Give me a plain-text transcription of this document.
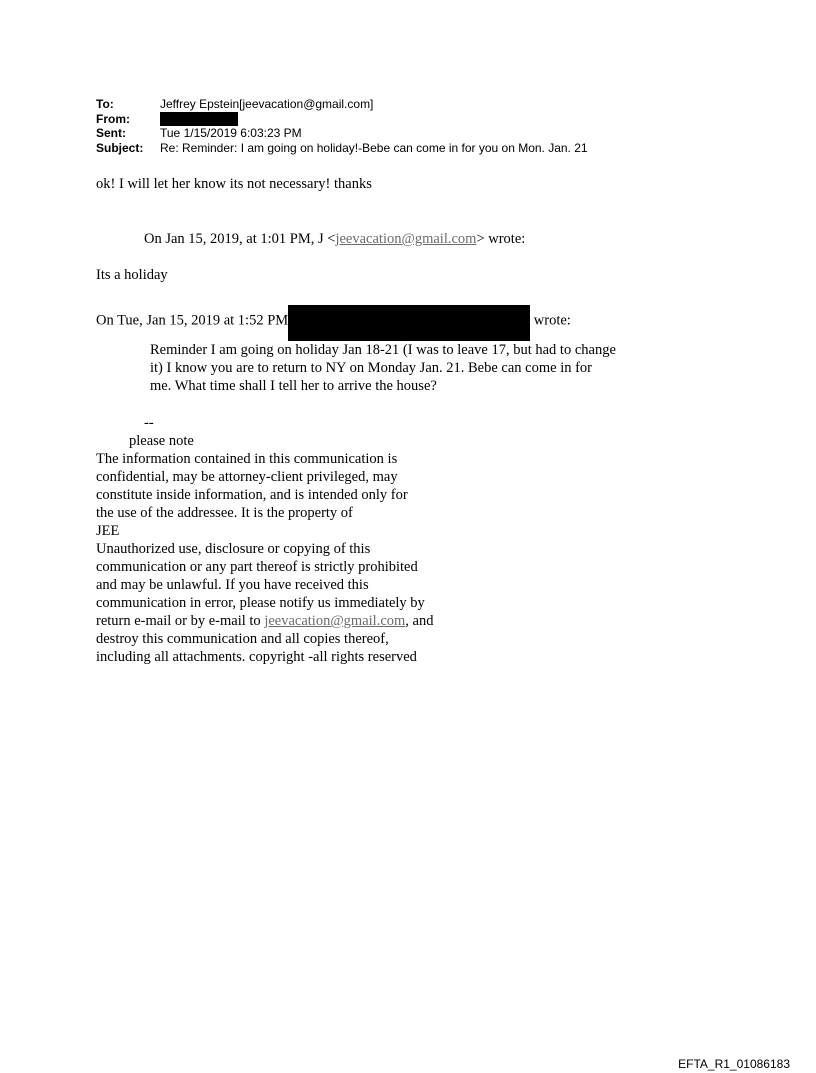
To:	Jeffrey Epstein[jeevacation@gmail.com]
From:
Sent:	Tue 1/15/2019 6:03:23 PM
Subject:	Re: Reminder: I am going on holiday!-Bebe can come in for you on Mon. Jan. 21
ok! I will let her know its not necessary! thanks
On Jan 15, 2019, at 1:01 PM, J <jeevacation@gmail.com> wrote:
Its a holiday
On Tue, Jan 15, 2019 at 1:52 PM	wrote:
Reminder I am going on holiday Jan 18-21 (I was to leave 17, but had to change
it) I know you are to return to NY on Monday Jan. 21. Bebe can come in for
me. What time shall I tell her to arrive the house?
--
please note
The information contained in this communication is
confidential, may be attorney-client privileged, may
constitute inside information, and is intended only for
the use of the addressee. It is the property of
JEE
Unauthorized use, disclosure or copying of this
communication or any part thereof is strictly prohibited
and may be unlawful. If you have received this
communication in error, please notify us immediately by
return e-mail or by e-mail to jeevacation@gmail.com, and
destroy this communication and all copies thereof,
including all attachments. copyright -all rights reserved
EFTA_R1_01086183
